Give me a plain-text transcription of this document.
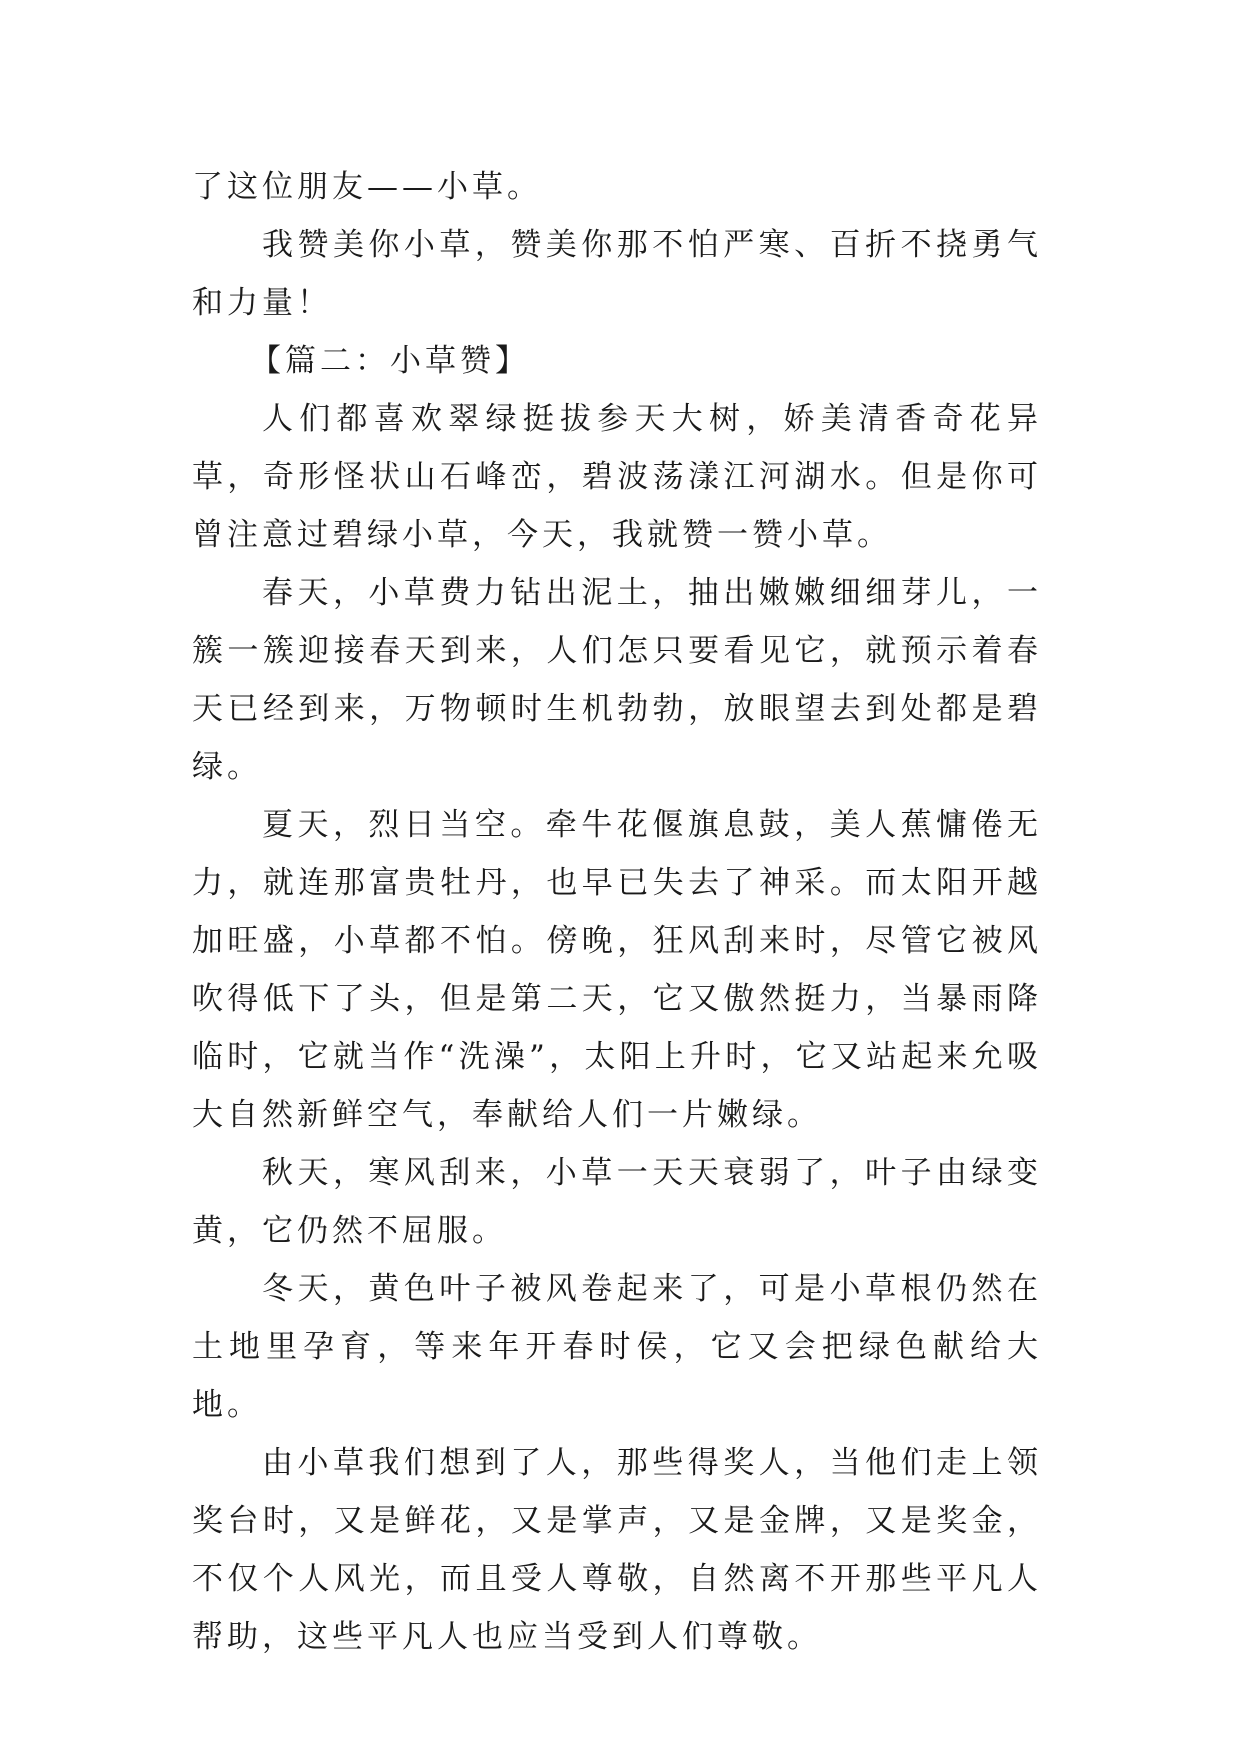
了这位朋友——小草。

我赞美你小草，赞美你那不怕严寒、百折不挠勇气和力量！

【篇二：小草赞】

人们都喜欢翠绿挺拔参天大树，娇美清香奇花异草，奇形怪状山石峰峦，碧波荡漾江河湖水。但是你可曾注意过碧绿小草，今天，我就赞一赞小草。

春天，小草费力钻出泥土，抽出嫩嫩细细芽儿，一簇一簇迎接春天到来，人们怎只要看见它，就预示着春天已经到来，万物顿时生机勃勃，放眼望去到处都是碧绿。

夏天，烈日当空。牵牛花偃旗息鼓，美人蕉慵倦无力，就连那富贵牡丹，也早已失去了神采。而太阳开越加旺盛，小草都不怕。傍晚，狂风刮来时，尽管它被风吹得低下了头，但是第二天，它又傲然挺力，当暴雨降临时，它就当作“洗澡”，太阳上升时，它又站起来允吸大自然新鲜空气，奉献给人们一片嫩绿。

秋天，寒风刮来，小草一天天衰弱了，叶子由绿变黄，它仍然不屈服。

冬天，黄色叶子被风卷起来了，可是小草根仍然在土地里孕育，等来年开春时侯，它又会把绿色献给大地。

由小草我们想到了人，那些得奖人，当他们走上领奖台时，又是鲜花，又是掌声，又是金牌，又是奖金，不仅个人风光，而且受人尊敬，自然离不开那些平凡人帮助，这些平凡人也应当受到人们尊敬。
